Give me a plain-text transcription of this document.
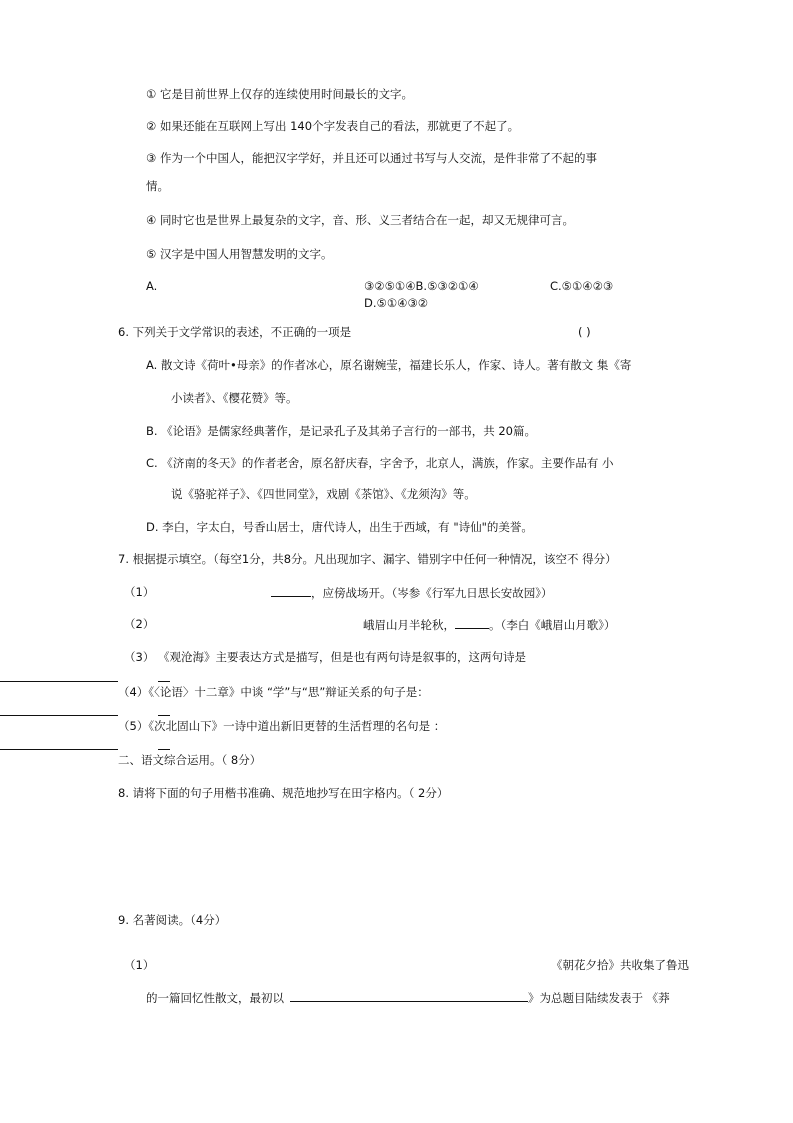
① 它是目前世界上仅存的连续使用时间最长的文字。
② 如果还能在互联网上写出 140个字发表自己的看法，那就更了不起了。
③ 作为一个中国人，能把汉字学好，并且还可以通过书写与人交流，是件非常了不起的事
情。
④ 同时它也是世界上最复杂的文字，音、形、义三者结合在一起，却又无规律可言。
⑤ 汉字是中国人用智慧发明的文字。
A.	③②⑤①④B.⑤③②①④	C.⑤①④②③
D.⑤①④③②
6. 下列关于文学常识的表述，不正确的一项是	( )
A. 散文诗《荷叶•母亲》的作者冰心，原名谢婉莹，福建长乐人，作家、诗人。著有散文 集《寄
小读者》、《樱花赞》等。
B. 《论语》是儒家经典著作，是记录孔子及其弟子言行的一部书，共 20篇。
C. 《济南的冬天》的作者老舍，原名舒庆春，字舍予，北京人，满族，作家。主要作品有 小
说《骆驼祥子》、《四世同堂》，戏剧《茶馆》、《龙须沟》等。
D. 李白，字太白，号香山居士，唐代诗人，出生于西域，有 "诗仙"的美誉。
7. 根据提示填空。（每空1分，共8分。凡出现加字、漏字、错别字中任何一种情况，该空不 得分）
（1）	，应傍战场开。（岑参《行军九日思长安故园》）
（2）	峨眉山月半轮秋，	。（李白《峨眉山月歌》）
（3） 《观沧海》主要表达方式是描写，但是也有两句诗是叙事的，这两句诗是
（4）《〈论语〉十二章》中谈 “学”与“思”辩证关系的句子是：
（5）《次北固山下》一诗中道出新旧更替的生活哲理的名句是 ：
二、语文综合运用。（ 8分）
8. 请将下面的句子用楷书准确、规范地抄写在田字格内。（ 2分）
9. 名著阅读。（4分）
（1）	《朝花夕拾》共收集了鲁迅
的一篇回忆性散文，最初以	》为总题目陆续发表于 《莽
